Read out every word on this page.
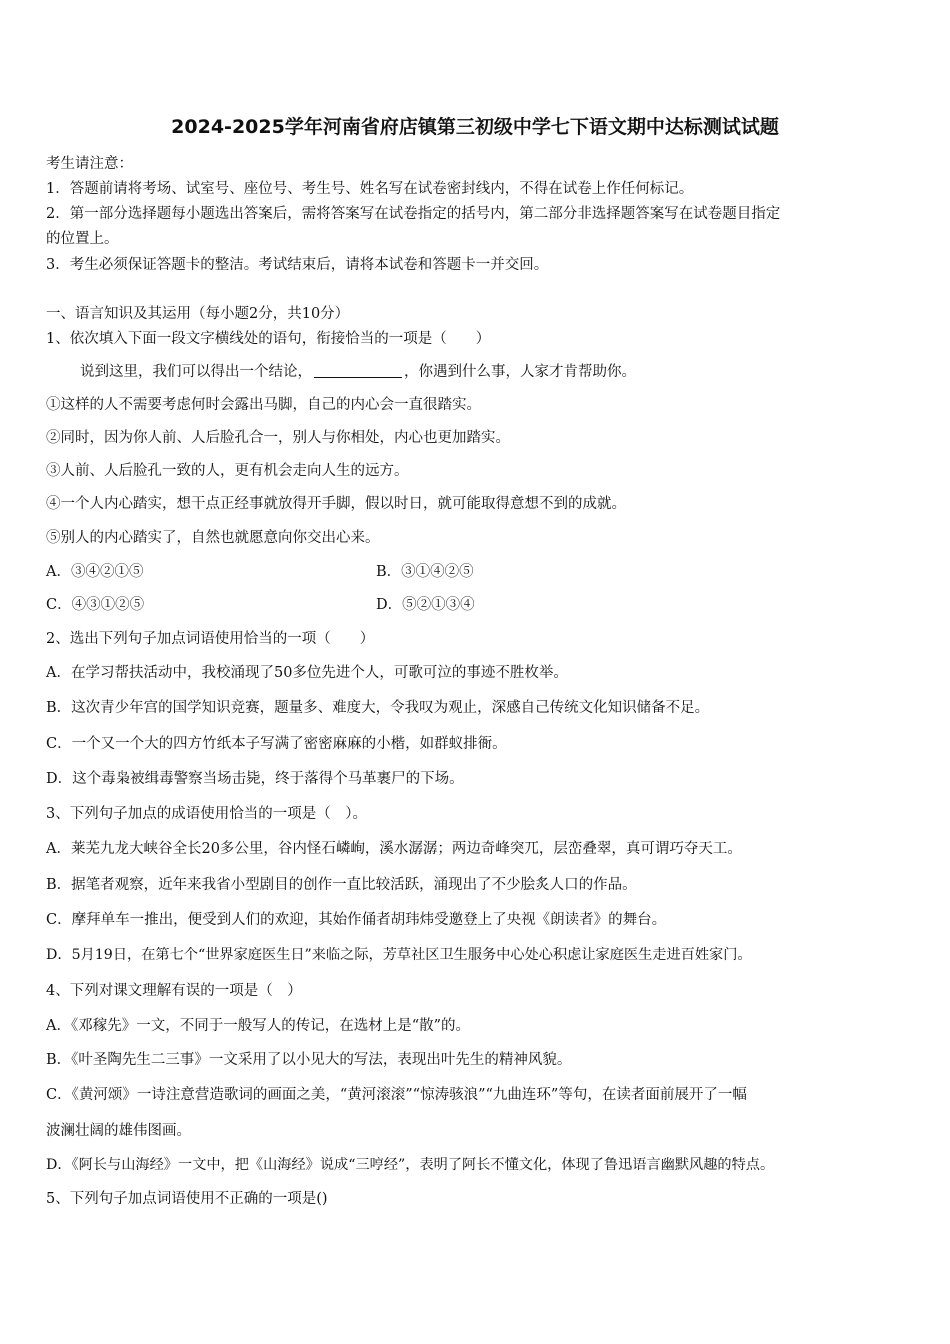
2024-2025学年河南省府店镇第三初级中学七下语文期中达标测试试题
考生请注意：
1．答题前请将考场、试室号、座位号、考生号、姓名写在试卷密封线内，不得在试卷上作任何标记。
2．第一部分选择题每小题选出答案后，需将答案写在试卷指定的括号内，第二部分非选择题答案写在试卷题目指定
的位置上。
3．考生必须保证答题卡的整洁。考试结束后，请将本试卷和答题卡一并交回。
一、语言知识及其运用（每小题2分，共10分）
1、依次填入下面一段文字横线处的语句，衔接恰当的一项是（　　）
说到这里，我们可以得出一个结论，	，你遇到什么事，人家才肯帮助你。
①这样的人不需要考虑何时会露出马脚，自己的内心会一直很踏实。
②同时，因为你人前、人后脸孔合一，别人与你相处，内心也更加踏实。
③人前、人后脸孔一致的人，更有机会走向人生的远方。
④一个人内心踏实，想干点正经事就放得开手脚，假以时日，就可能取得意想不到的成就。
⑤别人的内心踏实了，自然也就愿意向你交出心来。
A．③④②①⑤	B．③①④②⑤
C．④③①②⑤	D．⑤②①③④
2、选出下列句子加点词语使用恰当的一项（　　）
A．在学习帮扶活动中，我校涌现了50多位先进个人，可歌可泣的事迹不胜枚举。
B．这次青少年宫的国学知识竞赛，题量多、难度大，令我叹为观止，深感自己传统文化知识储备不足。
C．一个又一个大的四方竹纸本子写满了密密麻麻的小楷，如群蚁排衙。
D．这个毒枭被缉毒警察当场击毙，终于落得个马革裹尸的下场。
3、下列句子加点的成语使用恰当的一项是（　）。
A．莱芜九龙大峡谷全长20多公里，谷内怪石嶙峋，溪水潺潺；两边奇峰突兀，层峦叠翠，真可谓巧夺天工。
B．据笔者观察，近年来我省小型剧目的创作一直比较活跃，涌现出了不少脍炙人口的作品。
C．摩拜单车一推出，便受到人们的欢迎，其始作俑者胡玮炜受邀登上了央视《朗读者》的舞台。
D．5月19日，在第七个“世界家庭医生日”来临之际，芳草社区卫生服务中心处心积虑让家庭医生走进百姓家门。
4、下列对课文理解有误的一项是（　）
A．《邓稼先》一文，不同于一般写人的传记，在选材上是“散”的。
B．《叶圣陶先生二三事》一文采用了以小见大的写法，表现出叶先生的精神风貌。
C．《黄河颂》一诗注意营造歌词的画面之美，“黄河滚滚”“惊涛骇浪”“九曲连环”等句，在读者面前展开了一幅
波澜壮阔的雄伟图画。
D．《阿长与山海经》一文中，把《山海经》说成“三哼经”，表明了阿长不懂文化，体现了鲁迅语言幽默风趣的特点。
5、下列句子加点词语使用不正确的一项是()
